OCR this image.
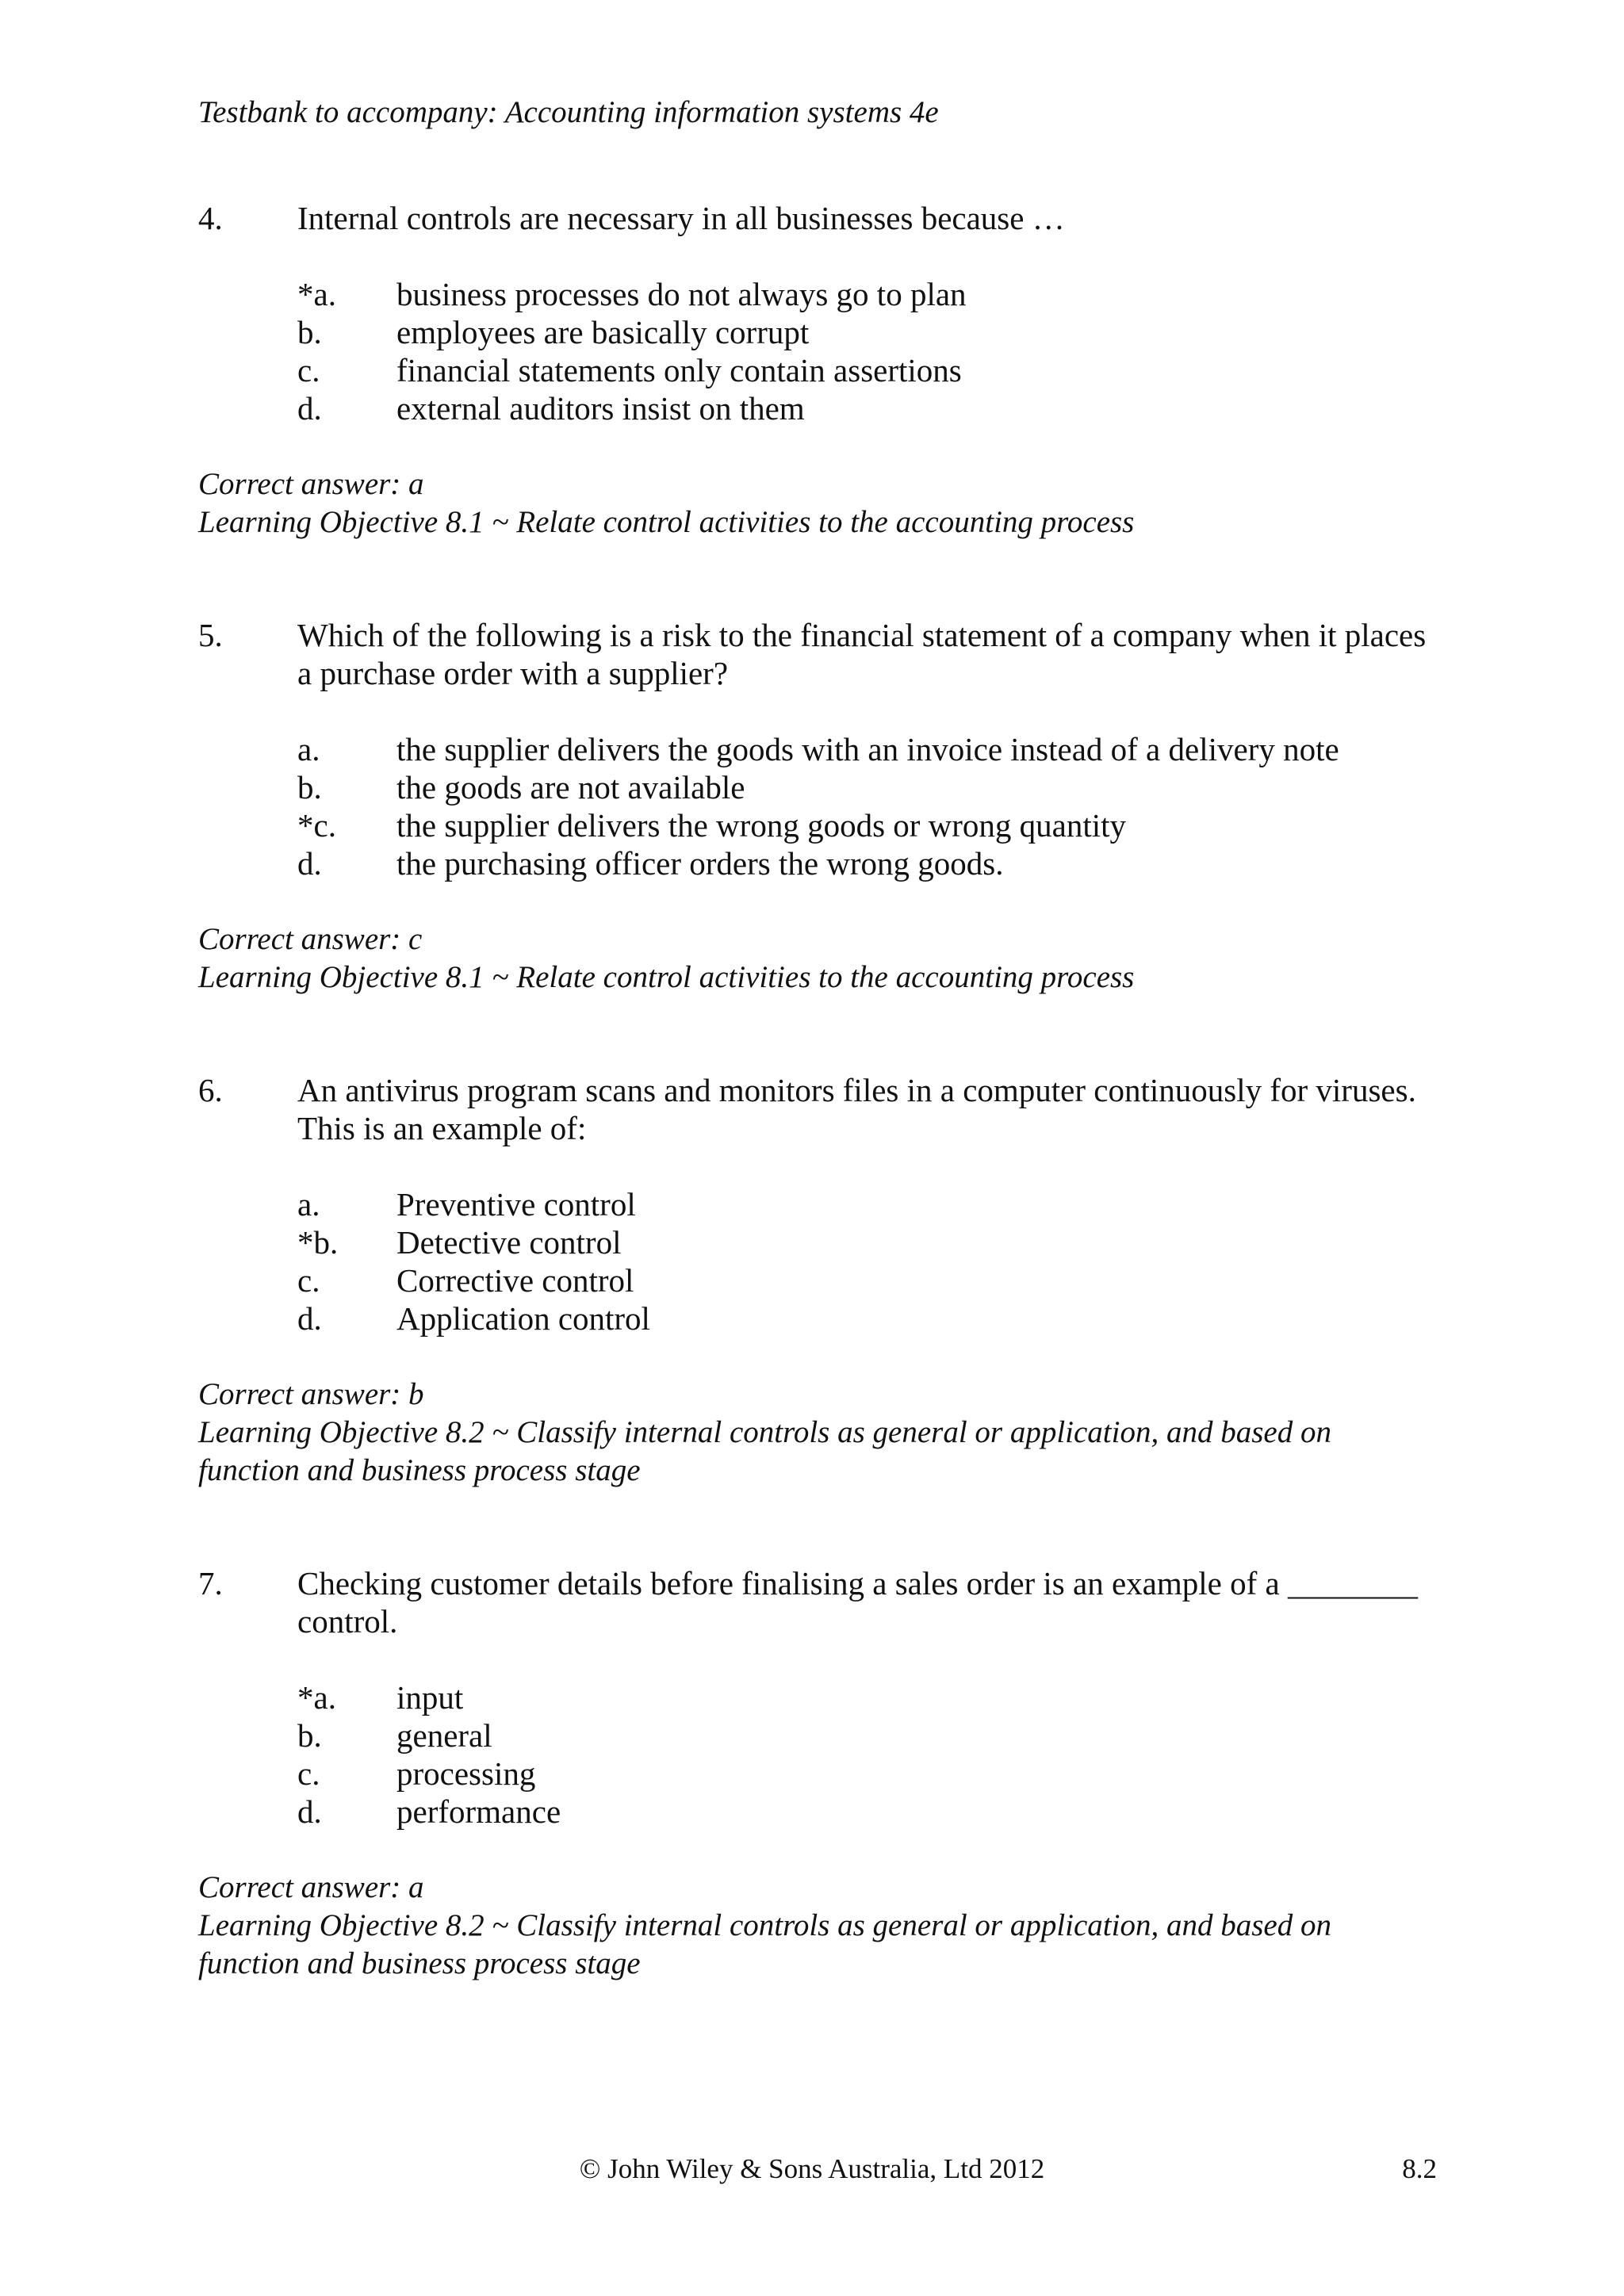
Testbank to accompany: Accounting information systems 4e
4.	Internal controls are necessary in all businesses because …
*a.	business processes do not always go to plan
b.	employees are basically corrupt
c.	financial statements only contain assertions
d.	external auditors insist on them
Correct answer: a
Learning Objective 8.1 ~ Relate control activities to the accounting process
5.	Which of the following is a risk to the financial statement of a company when it places a purchase order with a supplier?
a.	the supplier delivers the goods with an invoice instead of a delivery note
b.	the goods are not available
*c.	the supplier delivers the wrong goods or wrong quantity
d.	the purchasing officer orders the wrong goods.
Correct answer: c
Learning Objective 8.1 ~ Relate control activities to the accounting process
6.	An antivirus program scans and monitors files in a computer continuously for viruses. This is an example of:
a.	Preventive control
*b.	Detective control
c.	Corrective control
d.	Application control
Correct answer: b
Learning Objective 8.2 ~ Classify internal controls as general or application, and based on function and business process stage
7.	Checking customer details before finalising a sales order is an example of a ________ control.
*a.	input
b.	general
c.	processing
d.	performance
Correct answer: a
Learning Objective 8.2 ~ Classify internal controls as general or application, and based on function and business process stage
© John Wiley & Sons Australia, Ltd 2012	8.2
